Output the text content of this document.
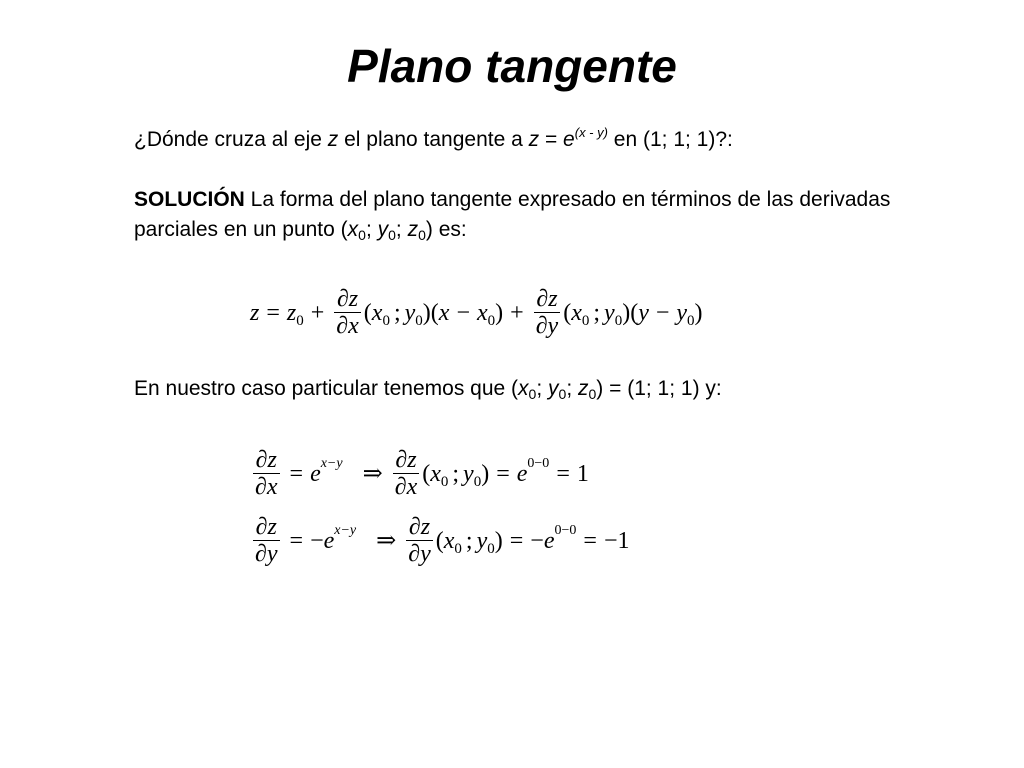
Plano tangente
¿Dónde cruza al eje z el plano tangente a $z = e^{(x - y)}$ en (1; 1; 1)?:
SOLUCIÓN La forma del plano tangente expresado en términos de las derivadas parciales en un punto ($x_0$; $y_0$; $z_0$) es:
$z = z0 + \frac{\partial z}{\partial x} (x0$ ; $y0)(x - x0) + \frac{\partial z}{\partial y} (x0$ ; y0)(y − y0)
En nuestro caso particular tenemos que ($x_0$; $y_0$; $z_0) = (1$; 1; 1) y:
$\frac{\partial z}{\partial x} = ex-y$ ⇒ $\frac{\partial z}{\partial x} (x0$ ; y0) = e0−0 = 1
$\frac{\partial z}{\partial y} = -ex-y$ ⇒ $\frac{\partial z}{\partial y} (x0$ ; y0) = −e0−0 = −1
